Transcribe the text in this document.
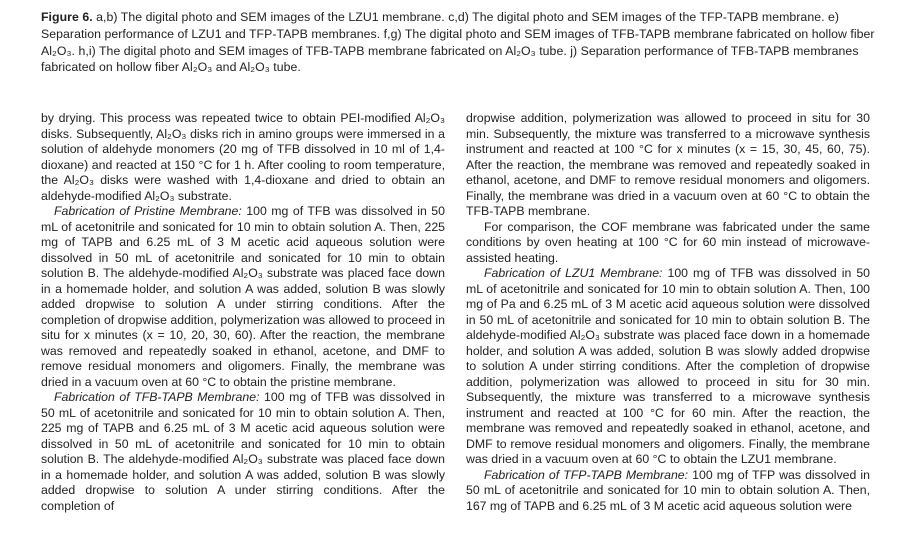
Figure 6. a,b) The digital photo and SEM images of the LZU1 membrane. c,d) The digital photo and SEM images of the TFP-TAPB membrane. e) Separation performance of LZU1 and TFP-TAPB membranes. f,g) The digital photo and SEM images of TFB-TAPB membrane fabricated on hollow fiber Al₂O₃. h,i) The digital photo and SEM images of TFB-TAPB membrane fabricated on Al₂O₃ tube. j) Separation performance of TFB-TAPB membranes fabricated on hollow fiber Al₂O₃ and Al₂O₃ tube.

by drying. This process was repeated twice to obtain PEI-modified Al₂O₃ disks. Subsequently, Al₂O₃ disks rich in amino groups were immersed in a solution of aldehyde monomers (20 mg of TFB dissolved in 10 ml of 1,4-dioxane) and reacted at 150 °C for 1 h. After cooling to room temperature, the Al₂O₃ disks were washed with 1,4-dioxane and dried to obtain an aldehyde-modified Al₂O₃ substrate.

Fabrication of Pristine Membrane: 100 mg of TFB was dissolved in 50 mL of acetonitrile and sonicated for 10 min to obtain solution A. Then, 225 mg of TAPB and 6.25 mL of 3 M acetic acid aqueous solution were dissolved in 50 mL of acetonitrile and sonicated for 10 min to obtain solution B. The aldehyde-modified Al₂O₃ substrate was placed face down in a homemade holder, and solution A was added, solution B was slowly added dropwise to solution A under stirring conditions. After the completion of dropwise addition, polymerization was allowed to proceed in situ for x minutes (x = 10, 20, 30, 60). After the reaction, the membrane was removed and repeatedly soaked in ethanol, acetone, and DMF to remove residual monomers and oligomers. Finally, the membrane was dried in a vacuum oven at 60 °C to obtain the pristine membrane.

Fabrication of TFB-TAPB Membrane: 100 mg of TFB was dissolved in 50 mL of acetonitrile and sonicated for 10 min to obtain solution A. Then, 225 mg of TAPB and 6.25 mL of 3 M acetic acid aqueous solution were dissolved in 50 mL of acetonitrile and sonicated for 10 min to obtain solution B. The aldehyde-modified Al₂O₃ substrate was placed face down in a homemade holder, and solution A was added, solution B was slowly added dropwise to solution A under stirring conditions. After the completion of

dropwise addition, polymerization was allowed to proceed in situ for 30 min. Subsequently, the mixture was transferred to a microwave synthesis instrument and reacted at 100 °C for x minutes (x = 15, 30, 45, 60, 75). After the reaction, the membrane was removed and repeatedly soaked in ethanol, acetone, and DMF to remove residual monomers and oligomers. Finally, the membrane was dried in a vacuum oven at 60 °C to obtain the TFB-TAPB membrane.

For comparison, the COF membrane was fabricated under the same conditions by oven heating at 100 °C for 60 min instead of microwave-assisted heating.

Fabrication of LZU1 Membrane: 100 mg of TFB was dissolved in 50 mL of acetonitrile and sonicated for 10 min to obtain solution A. Then, 100 mg of Pa and 6.25 mL of 3 M acetic acid aqueous solution were dissolved in 50 mL of acetonitrile and sonicated for 10 min to obtain solution B. The aldehyde-modified Al₂O₃ substrate was placed face down in a homemade holder, and solution A was added, solution B was slowly added dropwise to solution A under stirring conditions. After the completion of dropwise addition, polymerization was allowed to proceed in situ for 30 min. Subsequently, the mixture was transferred to a microwave synthesis instrument and reacted at 100 °C for 60 min. After the reaction, the membrane was removed and repeatedly soaked in ethanol, acetone, and DMF to remove residual monomers and oligomers. Finally, the membrane was dried in a vacuum oven at 60 °C to obtain the LZU1 membrane.

Fabrication of TFP-TAPB Membrane: 100 mg of TFP was dissolved in 50 mL of acetonitrile and sonicated for 10 min to obtain solution A. Then, 167 mg of TAPB and 6.25 mL of 3 M acetic acid aqueous solution were
